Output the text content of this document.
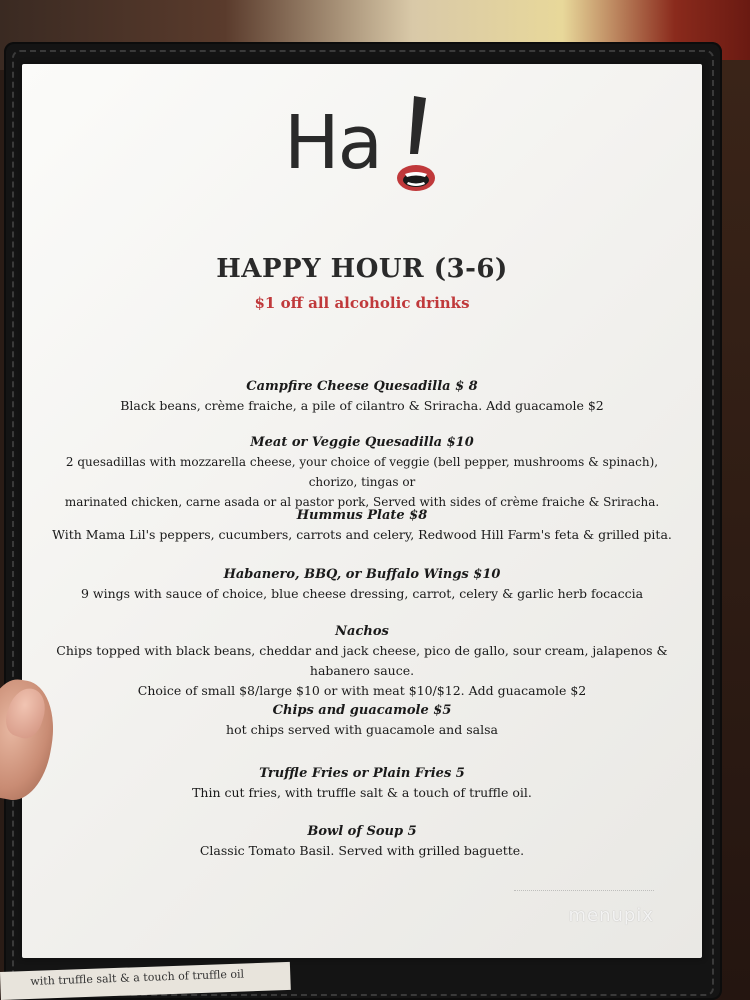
with truffle salt & a touch of truffle oil
Ha
HAPPY HOUR (3-6)
$1 off all alcoholic drinks
Campfire Cheese Quesadilla $ 8
Black beans, crème fraiche, a pile of cilantro & Sriracha. Add guacamole $2
Meat or Veggie Quesadilla $10
2 quesadillas with mozzarella cheese, your choice of veggie (bell pepper, mushrooms & spinach), chorizo, tingas or
marinated chicken, carne asada or al pastor pork, Served with sides of crème fraiche & Sriracha.
Hummus Plate $8
With Mama Lil's peppers, cucumbers, carrots and celery, Redwood Hill Farm's feta & grilled pita.
Habanero, BBQ, or Buffalo Wings $10
9 wings with sauce of choice, blue cheese dressing, carrot, celery & garlic herb focaccia
Nachos
Chips topped with black beans, cheddar and jack cheese, pico de gallo, sour cream, jalapenos & habanero sauce.
Choice of small $8/large $10 or with meat $10/$12. Add guacamole $2
Chips and guacamole $5
hot chips served with guacamole and salsa
Truffle Fries or Plain Fries 5
Thin cut fries, with truffle salt & a touch of truffle oil.
Bowl of Soup 5
Classic Tomato Basil. Served with grilled baguette.
menupix
